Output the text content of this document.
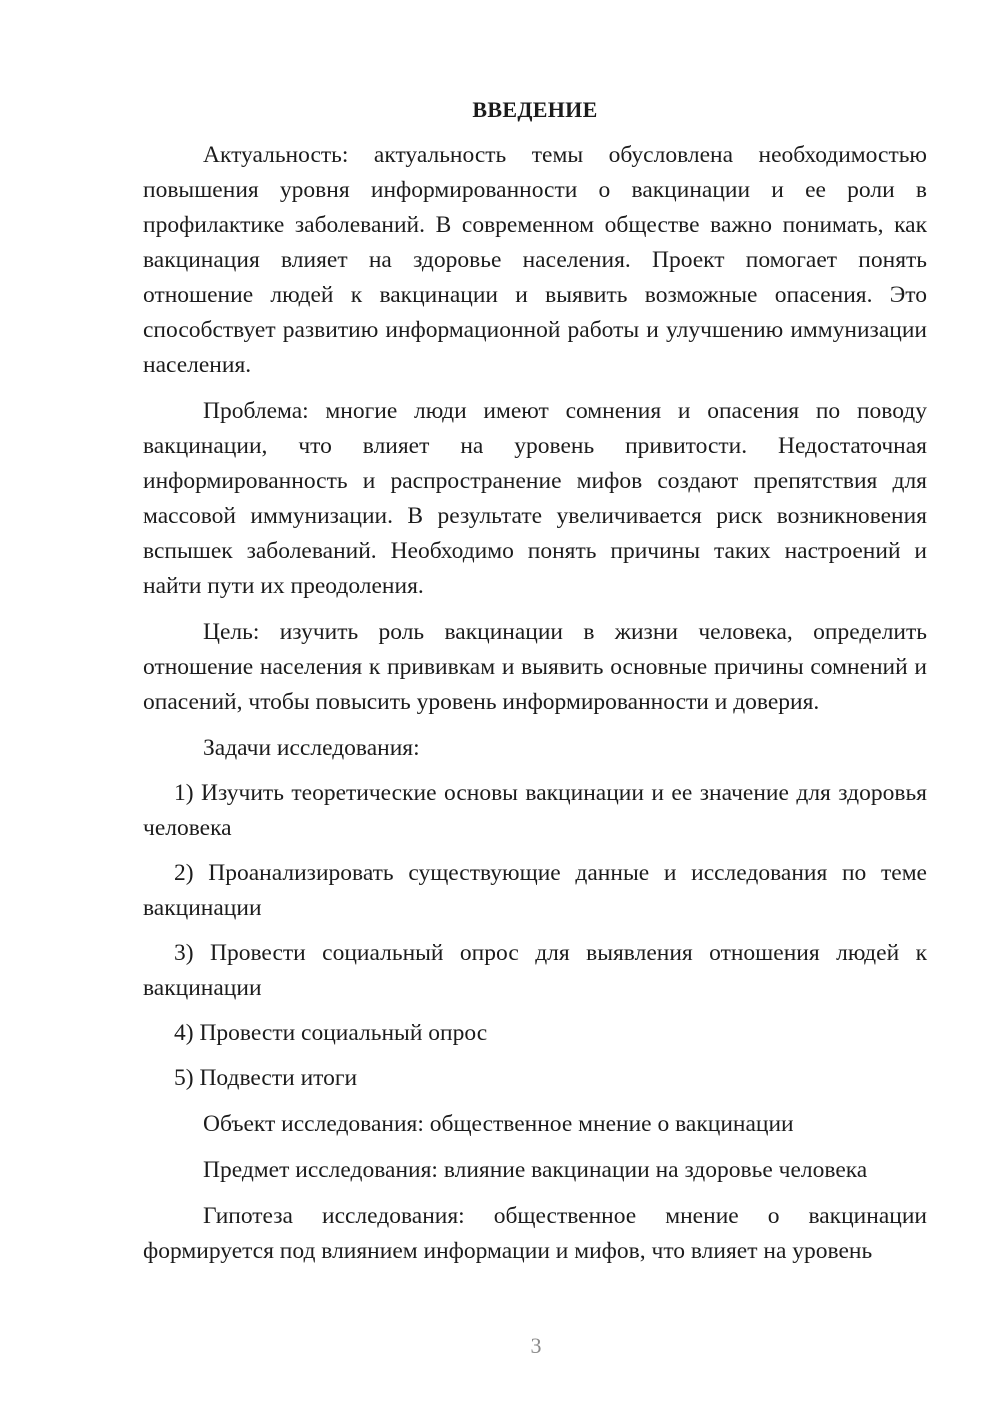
ВВЕДЕНИЕ

Актуальность: актуальность темы обусловлена необходимостью повышения уровня информированности о вакцинации и ее роли в профилактике заболеваний. В современном обществе важно понимать, как вакцинация влияет на здоровье населения. Проект помогает понять отношение людей к вакцинации и выявить возможные опасения. Это способствует развитию информационной работы и улучшению иммунизации населения.

Проблема: многие люди имеют сомнения и опасения по поводу вакцинации, что влияет на уровень привитости. Недостаточная информированность и распространение мифов создают препятствия для массовой иммунизации. В результате увеличивается риск возникновения вспышек заболеваний. Необходимо понять причины таких настроений и найти пути их преодоления.

Цель: изучить роль вакцинации в жизни человека, определить отношение населения к прививкам и выявить основные причины сомнений и опасений, чтобы повысить уровень информированности и доверия.

Задачи исследования:

1) Изучить теоретические основы вакцинации и ее значение для здоровья человека

2) Проанализировать существующие данные и исследования по теме вакцинации

3) Провести социальный опрос для выявления отношения людей к вакцинации

4) Провести социальный опрос

5) Подвести итоги

Объект исследования: общественное мнение о вакцинации

Предмет исследования: влияние вакцинации на здоровье человека

Гипотеза исследования: общественное мнение о вакцинации формируется под влиянием информации и мифов, что влияет на уровень

3
